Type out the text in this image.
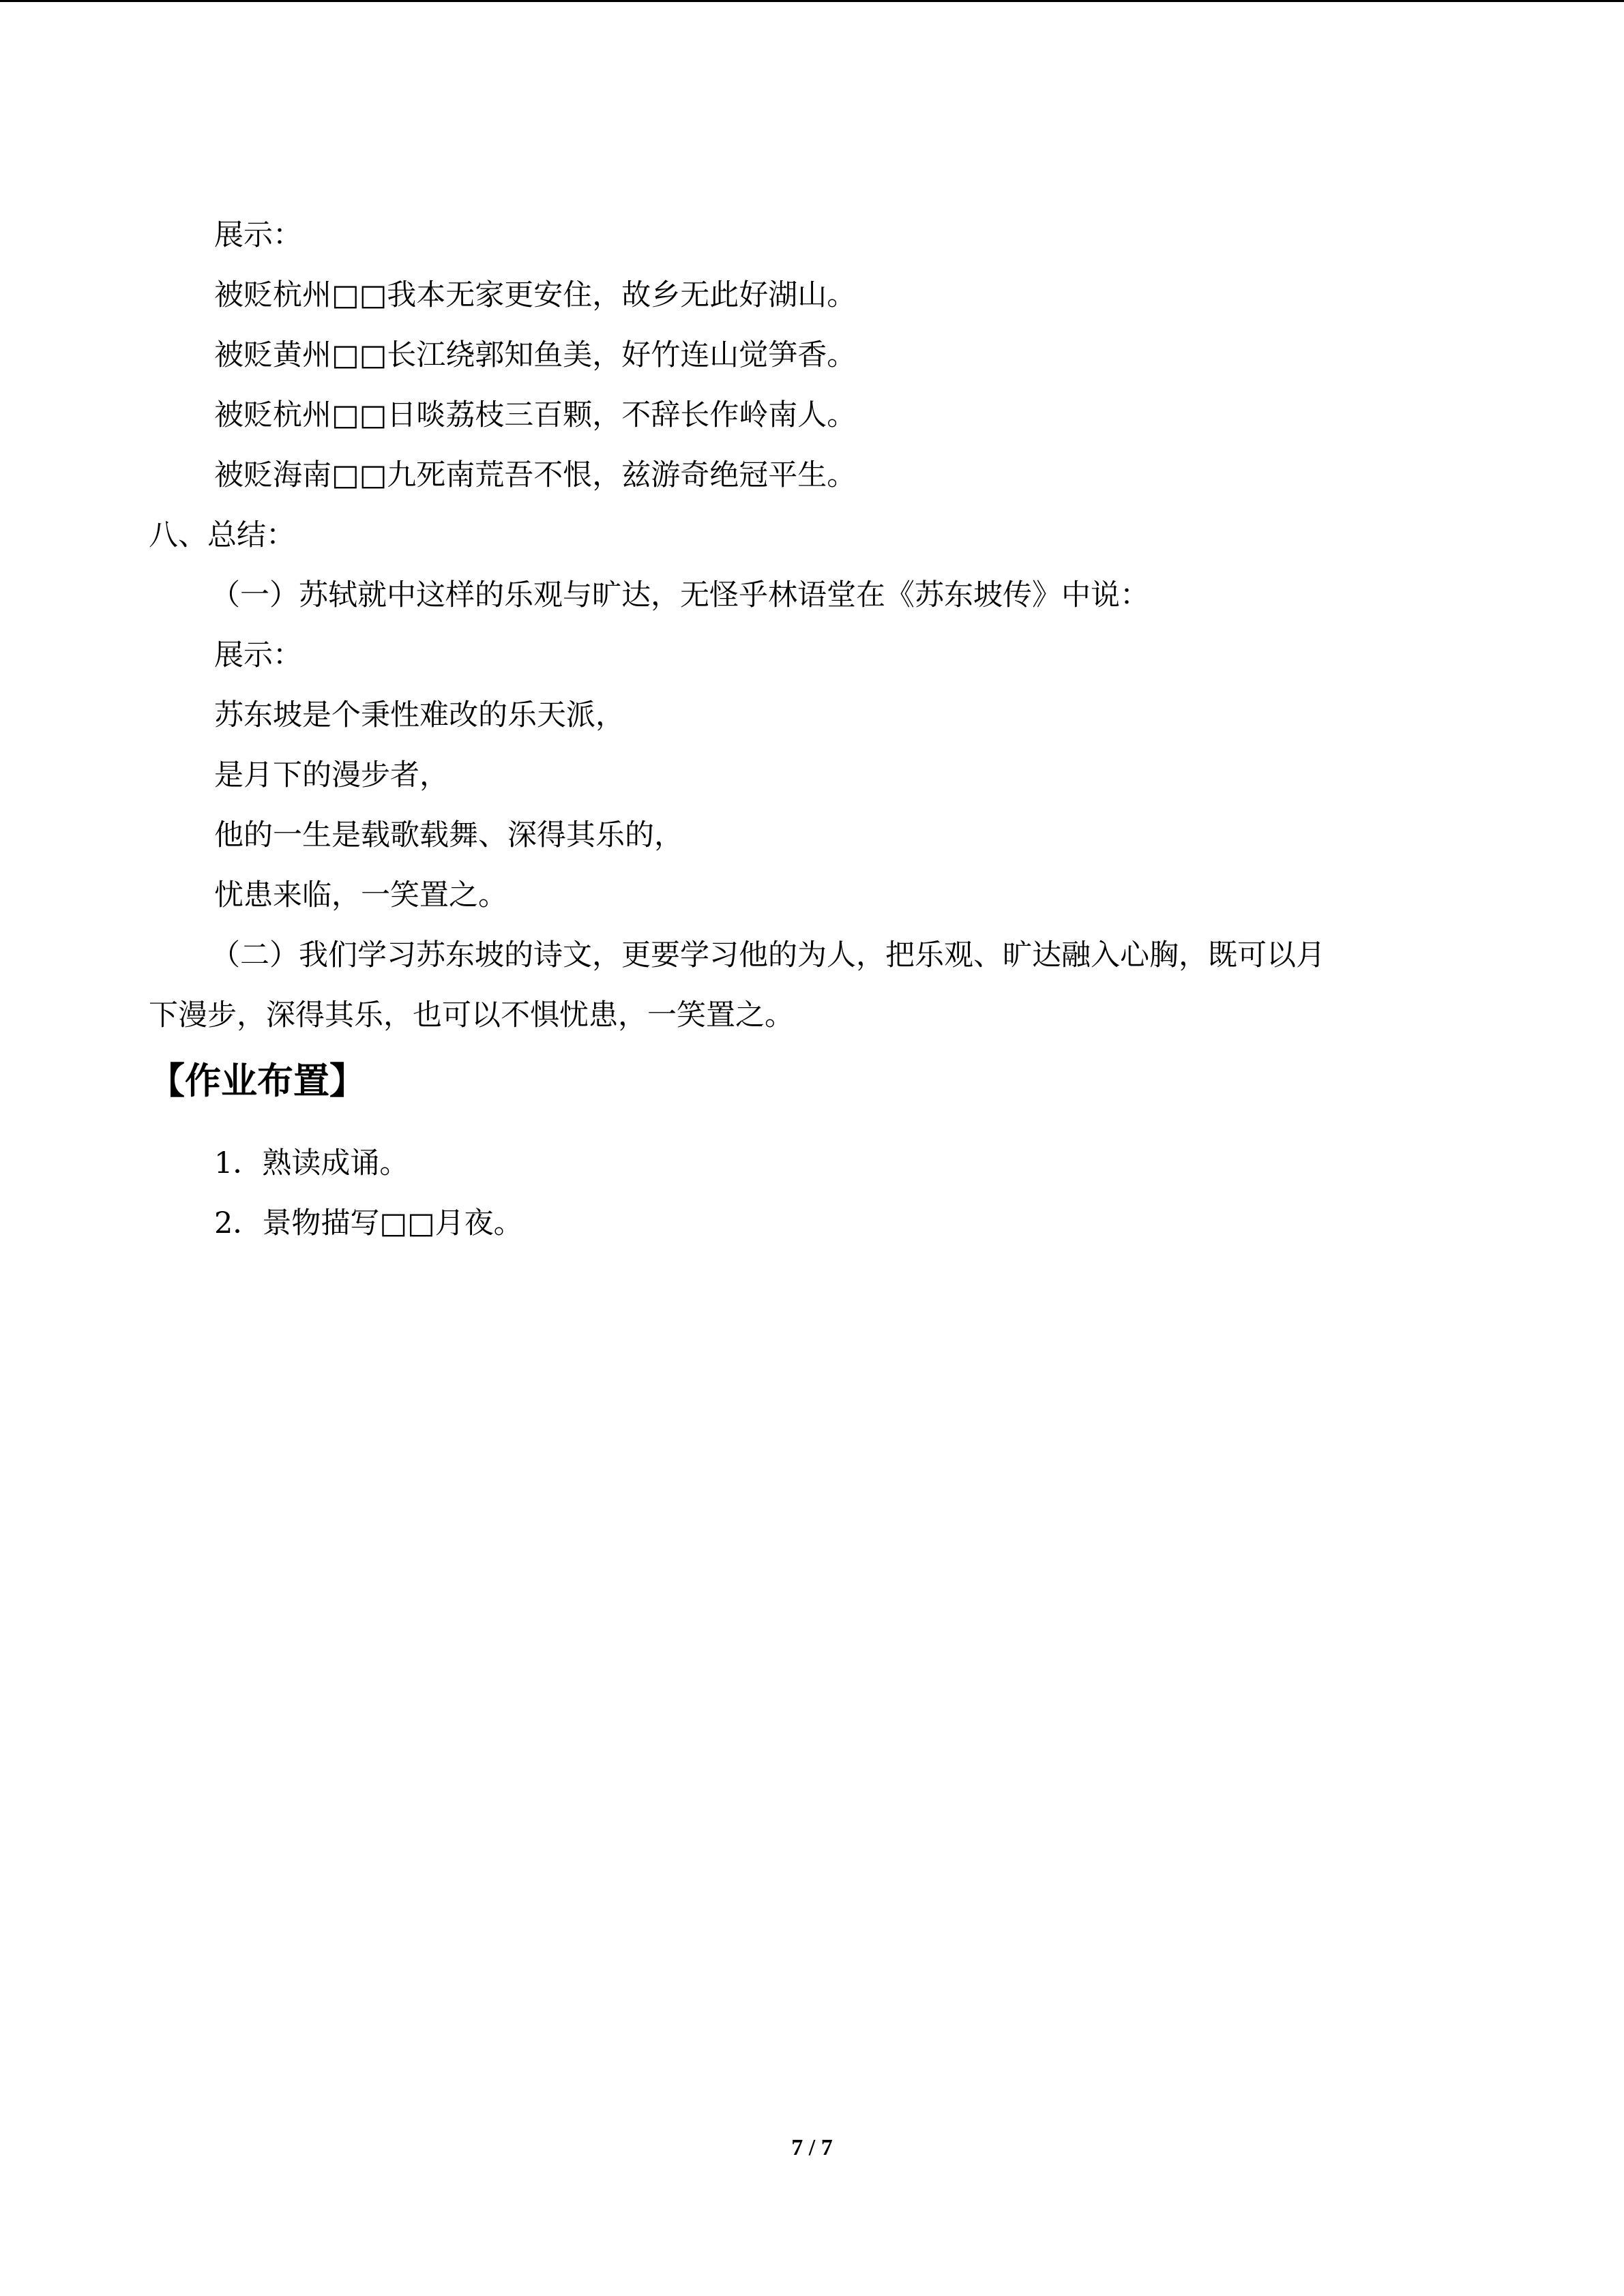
展示：
被贬杭州□□我本无家更安住，故乡无此好湖山。
被贬黄州□□长江绕郭知鱼美，好竹连山觉笋香。
被贬杭州□□日啖荔枝三百颗，不辞长作岭南人。
被贬海南□□九死南荒吾不恨，兹游奇绝冠平生。
八、总结：
（一）苏轼就中这样的乐观与旷达，无怪乎林语堂在《苏东坡传》中说：
展示：
苏东坡是个秉性难改的乐天派，
是月下的漫步者，
他的一生是载歌载舞、深得其乐的，
忧患来临，一笑置之。
（二）我们学习苏东坡的诗文，更要学习他的为人，把乐观、旷达融入心胸，既可以月
下漫步，深得其乐，也可以不惧忧患，一笑置之。
【作业布置】
1．熟读成诵。
2．景物描写□□月夜。
7 / 7
